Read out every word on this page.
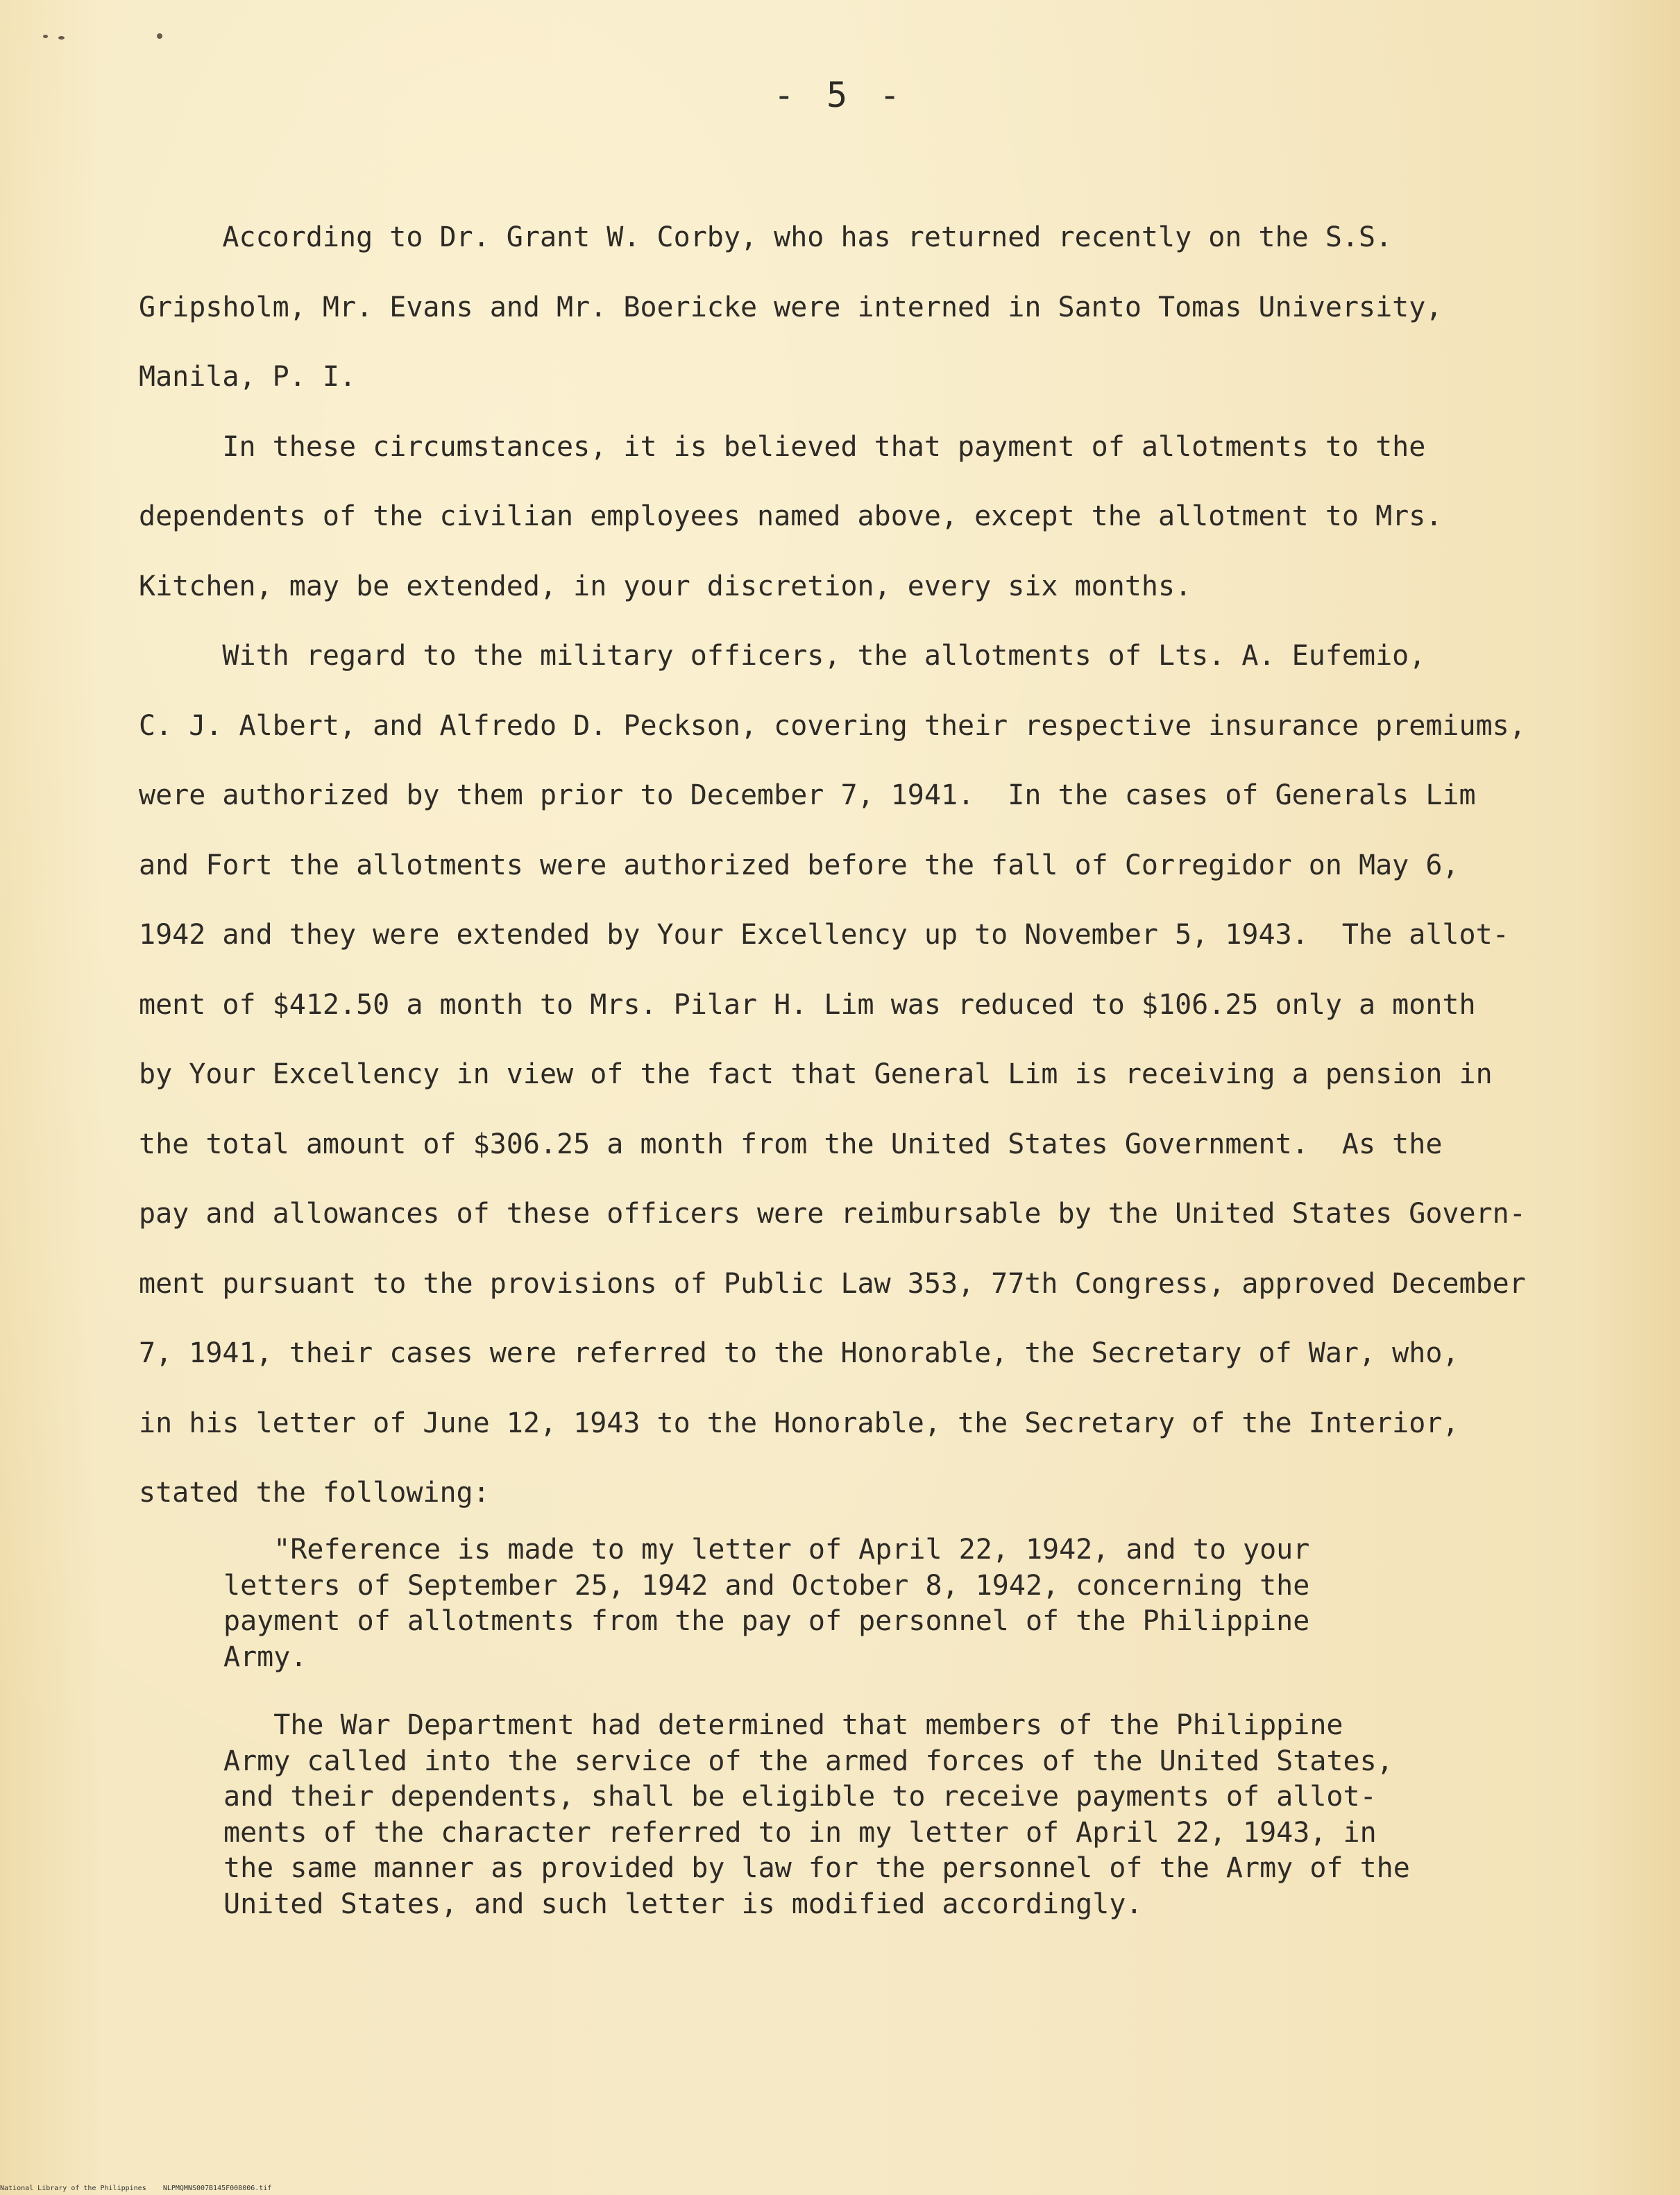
- 5 -

According to Dr. Grant W. Corby, who has returned recently on the S.S.
Gripsholm, Mr. Evans and Mr. Boericke were interned in Santo Tomas University,
Manila, P. I.
In these circumstances, it is believed that payment of allotments to the
dependents of the civilian employees named above, except the allotment to Mrs.
Kitchen, may be extended, in your discretion, every six months.
With regard to the military officers, the allotments of Lts. A. Eufemio,
C. J. Albert, and Alfredo D. Peckson, covering their respective insurance premiums,
were authorized by them prior to December 7, 1941.  In the cases of Generals Lim
and Fort the allotments were authorized before the fall of Corregidor on May 6,
1942 and they were extended by Your Excellency up to November 5, 1943.  The allot-
ment of $412.50 a month to Mrs. Pilar H. Lim was reduced to $106.25 only a month
by Your Excellency in view of the fact that General Lim is receiving a pension in
the total amount of $306.25 a month from the United States Government.  As the
pay and allowances of these officers were reimbursable by the United States Govern-
ment pursuant to the provisions of Public Law 353, 77th Congress, approved December
7, 1941, their cases were referred to the Honorable, the Secretary of War, who,
in his letter of June 12, 1943 to the Honorable, the Secretary of the Interior,
stated the following:
"Reference is made to my letter of April 22, 1942, and to your
letters of September 25, 1942 and October 8, 1942, concerning the
payment of allotments from the pay of personnel of the Philippine
Army.
The War Department had determined that members of the Philippine
Army called into the service of the armed forces of the United States,
and their dependents, shall be eligible to receive payments of allot-
ments of the character referred to in my letter of April 22, 1943, in
the same manner as provided by law for the personnel of the Army of the
United States, and such letter is modified accordingly.
National Library of the Philippines NLPMQMNS007B145F008006.tif
